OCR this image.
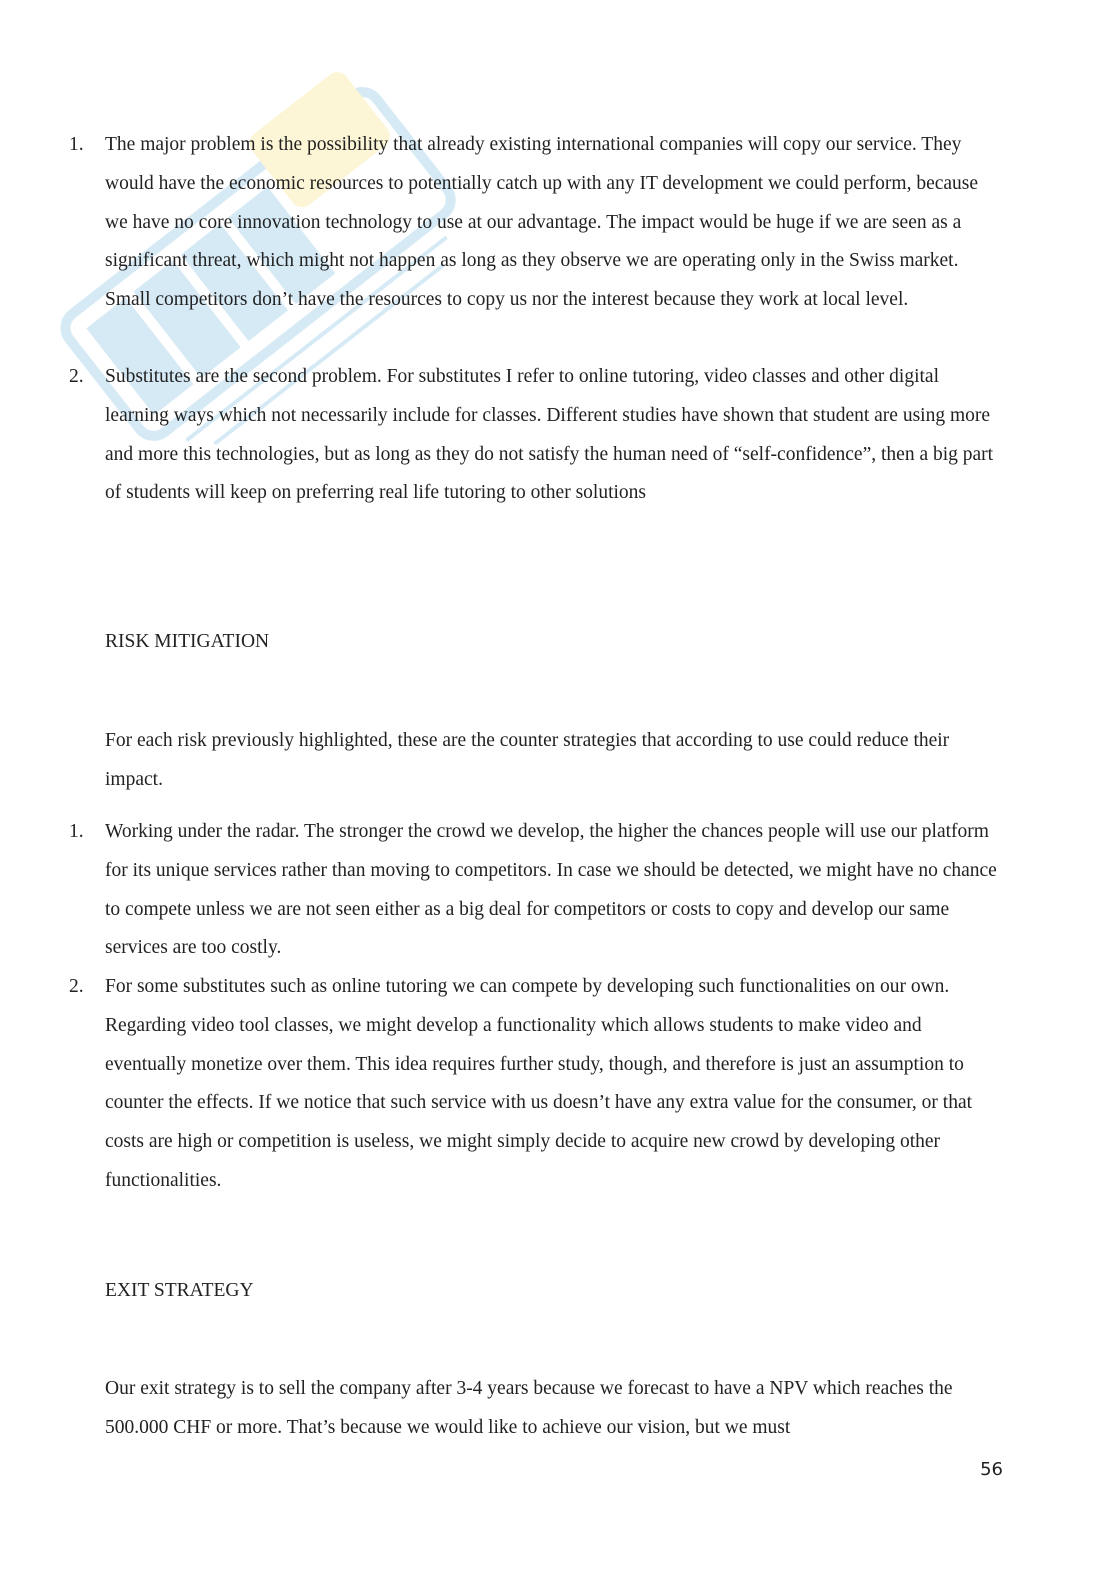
1. The major problem is the possibility that already existing international companies will copy our service. They would have the economic resources to potentially catch up with any IT development we could perform, because we have no core innovation technology to use at our advantage. The impact would be huge if we are seen as a significant threat, which might not happen as long as they observe we are operating only in the Swiss market. Small competitors don’t have the resources to copy us nor the interest because they work at local level.

2. Substitutes are the second problem. For substitutes I refer to online tutoring, video classes and other digital learning ways which not necessarily include for classes. Different studies have shown that student are using more and more this technologies, but as long as they do not satisfy the human need of “self-confidence”, then a big part of students will keep on preferring real life tutoring to other solutions

RISK MITIGATION

For each risk previously highlighted, these are the counter strategies that according to use could reduce their impact.

1. Working under the radar. The stronger the crowd we develop, the higher the chances people will use our platform for its unique services rather than moving to competitors. In case we should be detected, we might have no chance to compete unless we are not seen either as a big deal for competitors or costs to copy and develop our same services are too costly.

2. For some substitutes such as online tutoring we can compete by developing such functionalities on our own. Regarding video tool classes, we might develop a functionality which allows students to make video and eventually monetize over them. This idea requires further study, though, and therefore is just an assumption to counter the effects. If we notice that such service with us doesn’t have any extra value for the consumer, or that costs are high or competition is useless, we might simply decide to acquire new crowd by developing other functionalities.

EXIT STRATEGY

Our exit strategy is to sell the company after 3-4 years because we forecast to have a NPV which reaches the 500.000 CHF or more. That’s because we would like to achieve our vision, but we must

56
